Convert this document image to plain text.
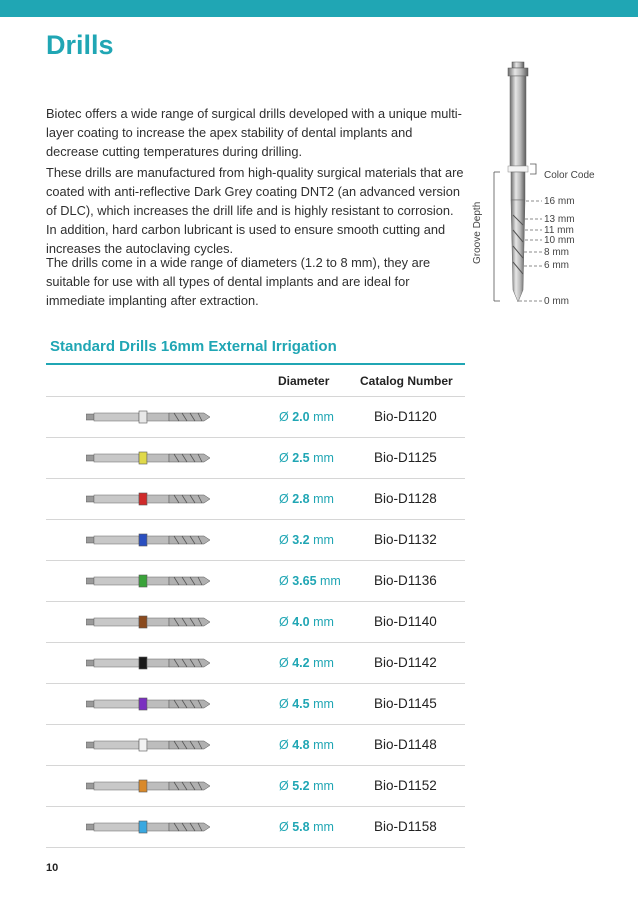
Drills

Biotec offers a wide range of surgical drills developed with a unique multi-layer coating to increase the apex stability of dental implants and decrease cutting temperatures during drilling.

These drills are manufactured from high-quality surgical materials that are coated with anti-reflective Dark Grey coating DNT2 (an advanced version of DLC), which increases the drill life and is highly resistant to corrosion. In addition, hard carbon lubricant is used to ensure smooth cutting and increases the autoclaving cycles.

The drills come in a wide range of diameters (1.2 to 8 mm), they are suitable for use with all types of dental implants and are ideal for immediate implanting after extraction.

Color Code
16 mm
13 mm
11 mm
10 mm
8 mm
6 mm
0 mm
Groove Depth
Standard Drills 16mm External Irrigation
Diameter	Catalog Number
Ø 2.0 mm	Bio-D1120
Ø 2.5 mm	Bio-D1125
Ø 2.8 mm	Bio-D1128
Ø 3.2 mm	Bio-D1132
Ø 3.65 mm Bio-D1136
Ø 4.0 mm	Bio-D1140
Ø 4.2 mm	Bio-D1142
Ø 4.5 mm	Bio-D1145
Ø 4.8 mm	Bio-D1148
Ø 5.2 mm	Bio-D1152
Ø 5.8 mm	Bio-D1158
10
